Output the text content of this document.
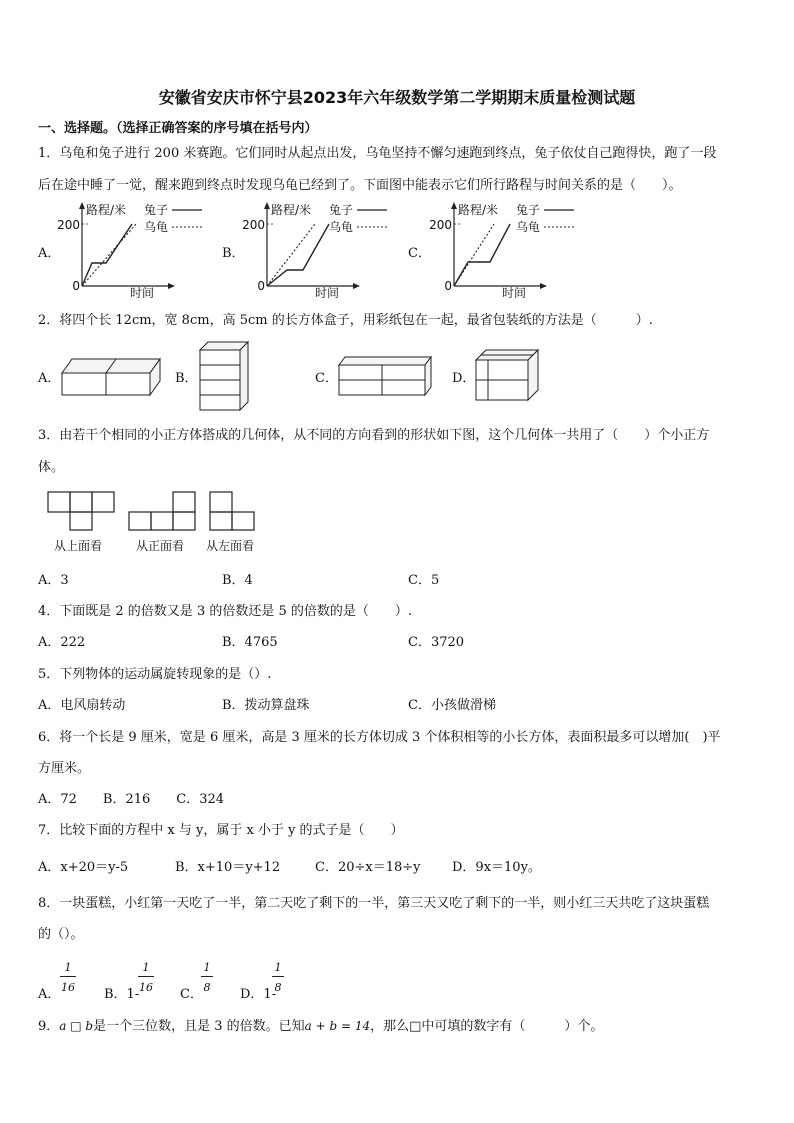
安徽省安庆市怀宁县2023年六年级数学第二学期期末质量检测试题
一、选择题。（选择正确答案的序号填在括号内）
1．乌龟和兔子进行 200 米赛跑。它们同时从起点出发，乌龟坚持不懈匀速跑到终点，兔子依仗自己跑得快，跑了一段
后在途中睡了一觉，醒来跑到终点时发现乌龟已经到了。下面图中能表示它们所行路程与时间关系的是（　　）。
A．	B．	C．
200
0
路程/米
时间
兔子
乌龟	200
0
路程/米
时间
兔子
乌龟	200
0
路程/米
时间
兔子
乌龟
2．将四个长 12cm，宽 8cm，高 5cm 的长方体盒子，用彩纸包在一起，最省包装纸的方法是（　　　）.
A．	B．	C．	D．
3．由若干个相同的小正方体搭成的几何体，从不同的方向看到的形状如下图，这个几何体一共用了（　　）个小正方
体。
从上面看	从正面看 从左面看
A．3	B．4	C．5
4．下面既是 2 的倍数又是 3 的倍数还是 5 的倍数的是（　　）.
A．222	B．4765	C．3720
5．下列物体的运动属旋转现象的是（）.
A．电风扇转动	B．拨动算盘珠	C．小孩做滑梯
6．将一个长是 9 厘米，宽是 6 厘米，高是 3 厘米的长方体切成 3 个体积相等的小长方体，表面积最多可以增加(　)平
方厘米。
A．72　　B．216　　C．324
7．比较下面的方程中 x 与 y，属于 x 小于 y 的式子是（　　）
A．x+20＝y-5	B．x+10＝y+12	C．20÷x＝18÷y D．9x＝10y。
8．一块蛋糕，小红第一天吃了一半，第二天吃了剩下的一半，第三天又吃了剩下的一半，则小红三天共吃了这块蛋糕
的（）。
A．
1
16 B．1-
1
16 C．
1
8 D．1-
1
8
9．a □ b是一个三位数，且是 3 的倍数。已知a + b = 14，那么□中可填的数字有（　　　）个。
